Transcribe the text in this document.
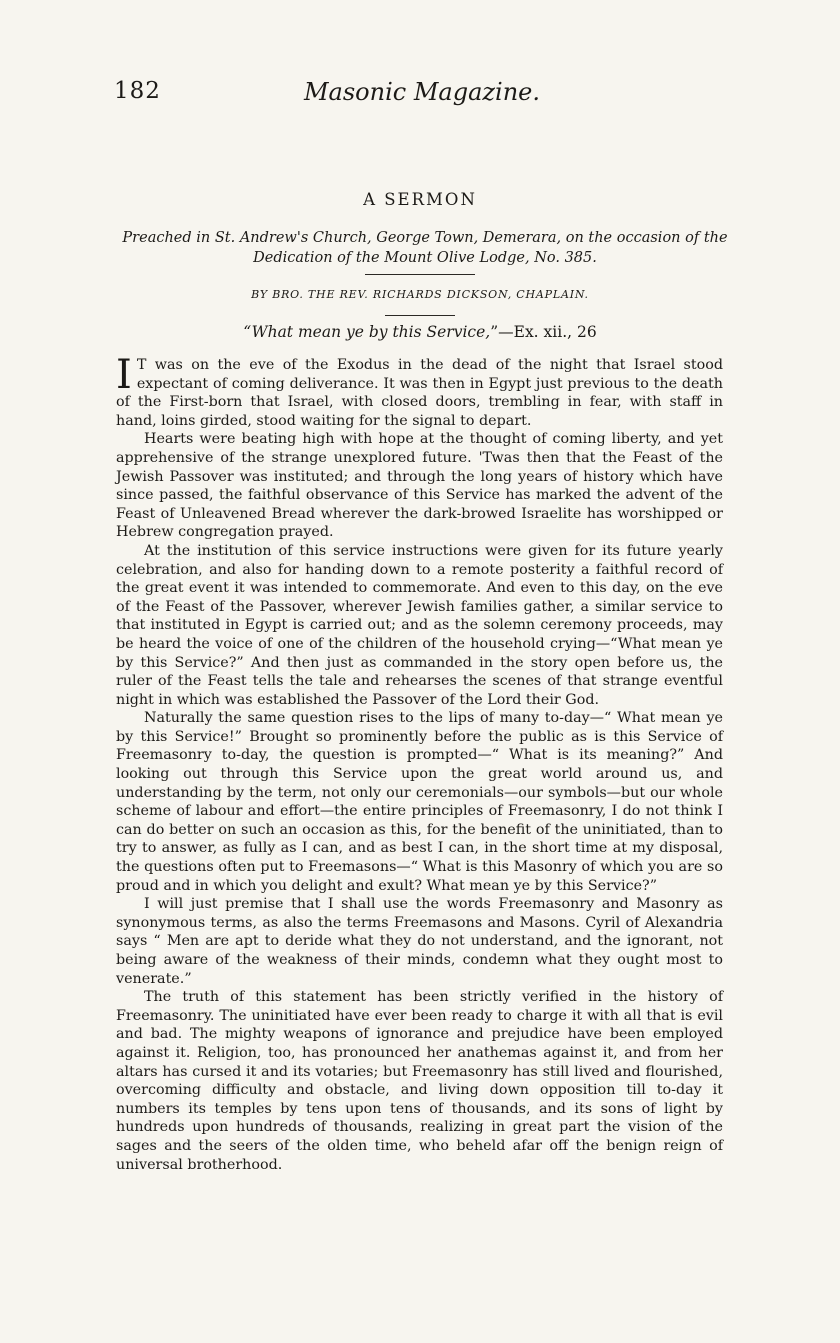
182	Masonic Magazine.
A SERMON
Preached in St. Andrew's Church, George Town, Demerara, on the occasion of the Dedication of the Mount Olive Lodge, No. 385.
BY BRO. THE REV. RICHARDS DICKSON, CHAPLAIN.
“What mean ye by this Service,”—Ex. xii., 26

I T was on the eve of the Exodus in the dead of the night that Israel stood expectant of coming deliverance. It was then in Egypt just previous to the death of the First-born that Israel, with closed doors, trembling in fear, with staff in hand, loins girded, stood waiting for the signal to depart.

Hearts were beating high with hope at the thought of coming liberty, and yet apprehensive of the strange unexplored future. 'Twas then that the Feast of the Jewish Passover was instituted; and through the long years of history which have since passed, the faithful observance of this Service has marked the advent of the Feast of Unleavened Bread wherever the dark-browed Israelite has worshipped or Hebrew congregation prayed.

At the institution of this service instructions were given for its future yearly celebration, and also for handing down to a remote posterity a faithful record of the great event it was intended to commemorate. And even to this day, on the eve of the Feast of the Passover, wherever Jewish families gather, a similar service to that instituted in Egypt is carried out; and as the solemn ceremony proceeds, may be heard the voice of one of the children of the household crying—“What mean ye by this Service?” And then just as commanded in the story open before us, the ruler of the Feast tells the tale and rehearses the scenes of that strange eventful night in which was established the Passover of the Lord their God.

Naturally the same question rises to the lips of many to-day—“ What mean ye by this Service!” Brought so prominently before the public as is this Service of Freemasonry to-day, the question is prompted—“ What is its meaning?” And looking out through this Service upon the great world around us, and understanding by the term, not only our ceremonials—our symbols—but our whole scheme of labour and effort—the entire principles of Freemasonry, I do not think I can do better on such an occasion as this, for the benefit of the uninitiated, than to try to answer, as fully as I can, and as best I can, in the short time at my disposal, the questions often put to Freemasons—“ What is this Masonry of which you are so proud and in which you delight and exult? What mean ye by this Service?”

I will just premise that I shall use the words Freemasonry and Masonry as synonymous terms, as also the terms Freemasons and Masons. Cyril of Alexandria says “ Men are apt to deride what they do not understand, and the ignorant, not being aware of the weakness of their minds, condemn what they ought most to venerate.”

The truth of this statement has been strictly verified in the history of Freemasonry. The uninitiated have ever been ready to charge it with all that is evil and bad. The mighty weapons of ignorance and prejudice have been employed against it. Religion, too, has pronounced her anathemas against it, and from her altars has cursed it and its votaries; but Freemasonry has still lived and flourished, overcoming difficulty and obstacle, and living down opposition till to-day it numbers its temples by tens upon tens of thousands, and its sons of light by hundreds upon hundreds of thousands, realizing in great part the vision of the sages and the seers of the olden time, who beheld afar off the benign reign of universal brotherhood.
